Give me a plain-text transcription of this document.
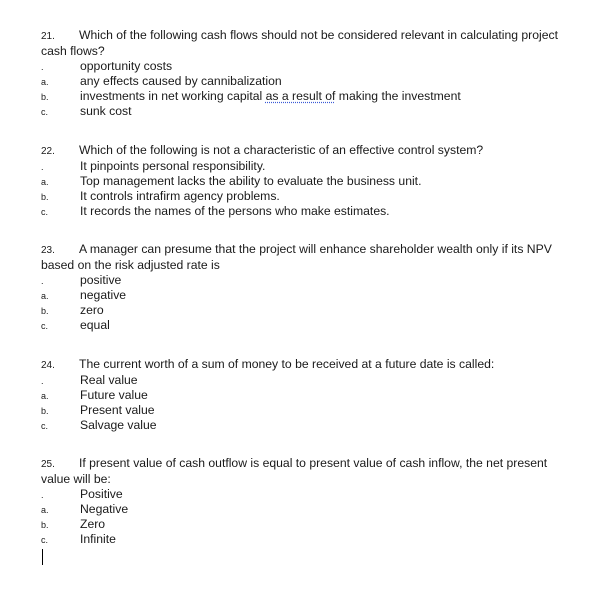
21. Which of the following cash flows should not be considered relevant in calculating project cash flows?

.	opportunity costs
a.	any effects caused by cannibalization
b.	investments in net working capital as a result of making the investment
c.	sunk cost

22. Which of the following is not a characteristic of an effective control system?

.	It pinpoints personal responsibility.
a.	Top management lacks the ability to evaluate the business unit.
b.	It controls intrafirm agency problems.
c.	It records the names of the persons who make estimates.

23. A manager can presume that the project will enhance shareholder wealth only if its NPV based on the risk adjusted rate is

.	positive
a.	negative
b.	zero
c.	equal

24. The current worth of a sum of money to be received at a future date is called:

.	Real value
a.	Future value
b.	Present value
c.	Salvage value

25. If present value of cash outflow is equal to present value of cash inflow, the net present value will be:

.	Positive
a.	Negative
b.	Zero
c.	Infinite
